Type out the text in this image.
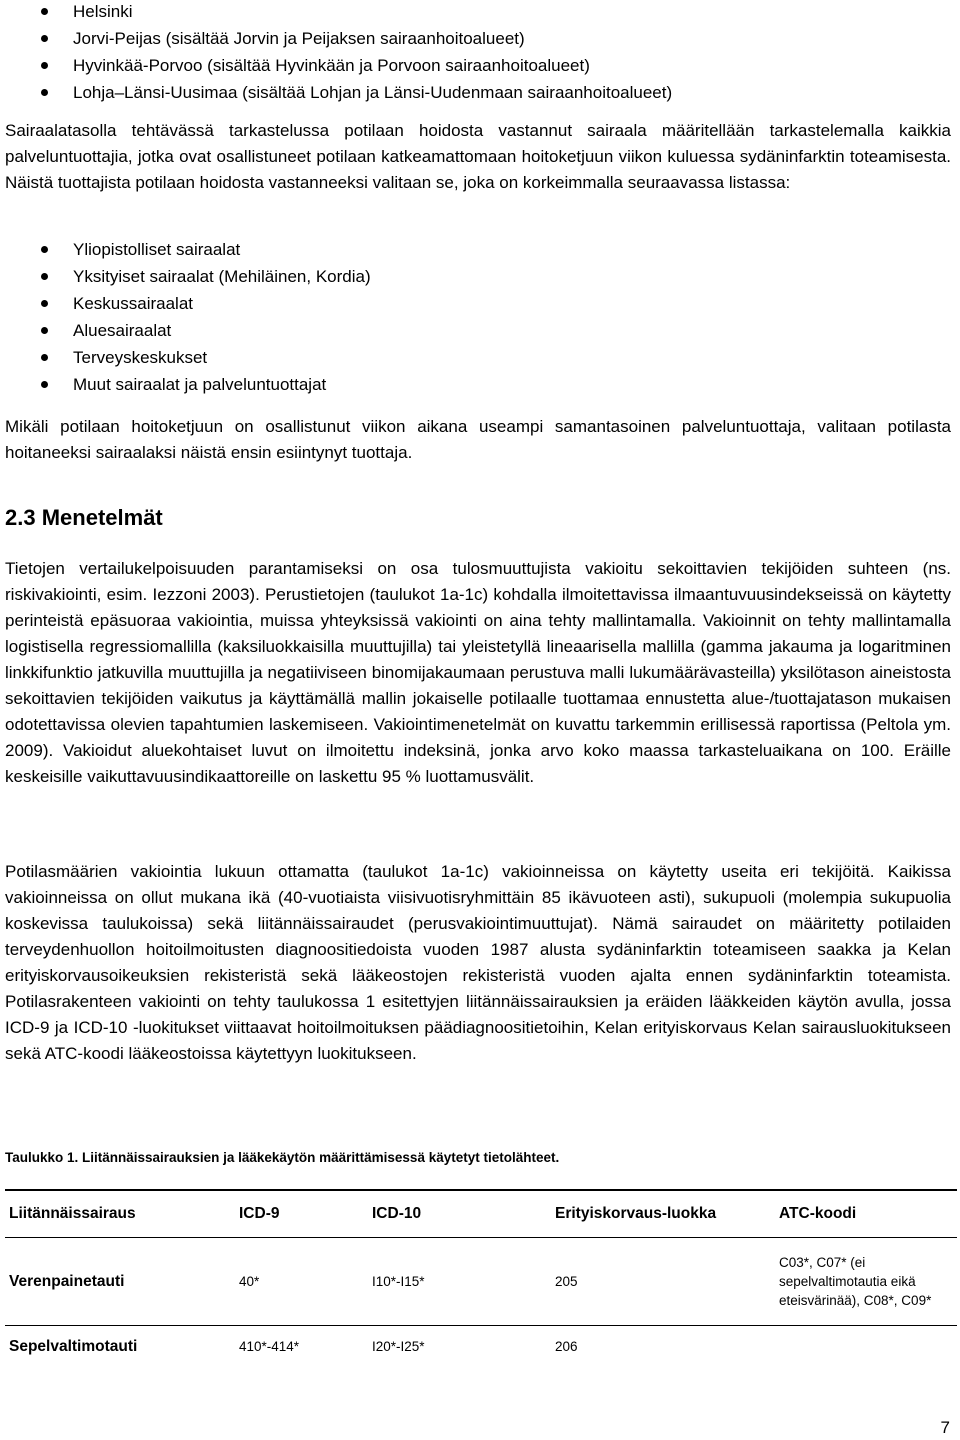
Helsinki
Jorvi-Peijas (sisältää Jorvin ja Peijaksen sairaanhoitoalueet)
Hyvinkää-Porvoo (sisältää Hyvinkään ja Porvoon sairaanhoitoalueet)
Lohja–Länsi-Uusimaa (sisältää Lohjan ja Länsi-Uudenmaan sairaanhoitoalueet)

Sairaalatasolla tehtävässä tarkastelussa potilaan hoidosta vastannut sairaala määritellään tarkastelemalla kaikkia palveluntuottajia, jotka ovat osallistuneet potilaan katkeamattomaan hoitoketjuun viikon kuluessa sydäninfarktin toteamisesta. Näistä tuottajista potilaan hoidosta vastanneeksi valitaan se, joka on korkeimmalla seuraavassa listassa:

Yliopistolliset sairaalat
Yksityiset sairaalat (Mehiläinen, Kordia)
Keskussairaalat
Aluesairaalat
Terveyskeskukset
Muut sairaalat ja palveluntuottajat

Mikäli potilaan hoitoketjuun on osallistunut viikon aikana useampi samantasoinen palveluntuottaja, valitaan potilasta hoitaneeksi sairaalaksi näistä ensin esiintynyt tuottaja.

2.3 Menetelmät

Tietojen vertailukelpoisuuden parantamiseksi on osa tulosmuuttujista vakioitu sekoittavien tekijöiden suhteen (ns. riskivakiointi, esim. Iezzoni 2003). Perustietojen (taulukot 1a-1c) kohdalla ilmoitettavissa ilmaantuvuusindekseissä on käytetty perinteistä epäsuoraa vakiointia, muissa yhteyksissä vakiointi on aina tehty mallintamalla. Vakioinnit on tehty mallintamalla logistisella regressiomallilla (kaksiluokkaisilla muuttujilla) tai yleistetyllä lineaarisella mallilla (gamma jakauma ja logaritminen linkkifunktio jatkuvilla muuttujilla ja negatiiviseen binomijakaumaan perustuva malli lukumäärävasteilla) yksilötason aineistosta sekoittavien tekijöiden vaikutus ja käyttämällä mallin jokaiselle potilaalle tuottamaa ennustetta alue-/tuottajatason mukaisen odotettavissa olevien tapahtumien laskemiseen. Vakiointimenetelmät on kuvattu tarkemmin erillisessä raportissa (Peltola ym. 2009). Vakioidut aluekohtaiset luvut on ilmoitettu indeksinä, jonka arvo koko maassa tarkasteluaikana on 100. Eräille keskeisille vaikuttavuusindikaattoreille on laskettu 95 % luottamusvälit.

Potilasmäärien vakiointia lukuun ottamatta (taulukot 1a-1c) vakioinneissa on käytetty useita eri tekijöitä. Kaikissa vakioinneissa on ollut mukana ikä (40-vuotiaista viisivuotisryhmittäin 85 ikävuoteen asti), sukupuoli (molempia sukupuolia koskevissa taulukoissa) sekä liitännäissairaudet (perusvakiointimuuttujat). Nämä sairaudet on määritetty potilaiden terveydenhuollon hoitoilmoitusten diagnoositiedoista vuoden 1987 alusta sydäninfarktin toteamiseen saakka ja Kelan erityiskorvausoikeuksien rekisteristä sekä lääkeostojen rekisteristä vuoden ajalta ennen sydäninfarktin toteamista. Potilasrakenteen vakiointi on tehty taulukossa 1 esitettyjen liitännäissairauksien ja eräiden lääkkeiden käytön avulla, jossa ICD-9 ja ICD-10 -luokitukset viittaavat hoitoilmoituksen päädiagnoositietoihin, Kelan erityiskorvaus Kelan sairausluokitukseen sekä ATC-koodi lääkeostoissa käytettyyn luokitukseen.

Taulukko 1. Liitännäissairauksien ja lääkekäytön määrittämisessä käytetyt tietolähteet.

Liitännäissairaus	ICD-9	ICD-10	Erityiskorvaus-luokka	ATC-koodi
Verenpainetauti	40*	I10*-I15*	205	C03*, C07* (ei sepelvaltimotautia eikä eteisvärinää), C08*, C09*
Sepelvaltimotauti	410*-414*	I20*-I25*	206	
7
